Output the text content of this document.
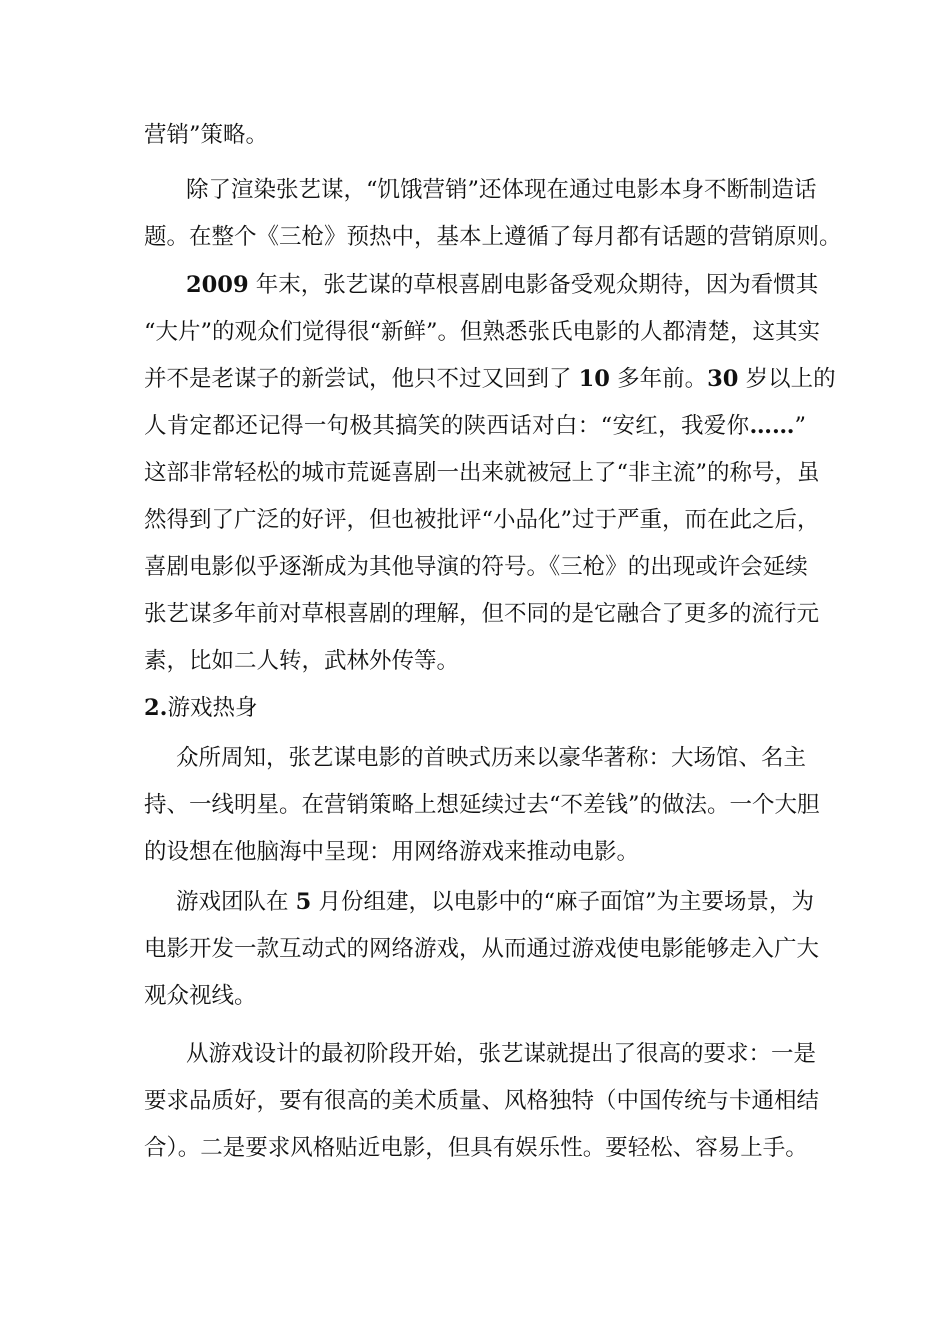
营销”策略。
除了渲染张艺谋，“饥饿营销”还体现在通过电影本身不断制造话
题。在整个《三枪》预热中，基本上遵循了每月都有话题的营销原则。
2009 年末，张艺谋的草根喜剧电影备受观众期待，因为看惯其
“大片”的观众们觉得很“新鲜”。但熟悉张氏电影的人都清楚，这其实
并不是老谋子的新尝试，他只不过又回到了 10 多年前。30 岁以上的
人肯定都还记得一句极其搞笑的陕西话对白：“安红，我爱你……”
这部非常轻松的城市荒诞喜剧一出来就被冠上了“非主流”的称号，虽
然得到了广泛的好评，但也被批评“小品化”过于严重，而在此之后，
喜剧电影似乎逐渐成为其他导演的符号。《三枪》的出现或许会延续
张艺谋多年前对草根喜剧的理解，但不同的是它融合了更多的流行元
素，比如二人转，武林外传等。
2.游戏热身
众所周知，张艺谋电影的首映式历来以豪华著称：大场馆、名主
持、一线明星。在营销策略上想延续过去“不差钱”的做法。一个大胆
的设想在他脑海中呈现：用网络游戏来推动电影。
游戏团队在 5 月份组建，以电影中的“麻子面馆”为主要场景，为
电影开发一款互动式的网络游戏，从而通过游戏使电影能够走入广大
观众视线。
从游戏设计的最初阶段开始，张艺谋就提出了很高的要求：一是
要求品质好，要有很高的美术质量、风格独特（中国传统与卡通相结
合）。二是要求风格贴近电影，但具有娱乐性。要轻松、容易上手。
